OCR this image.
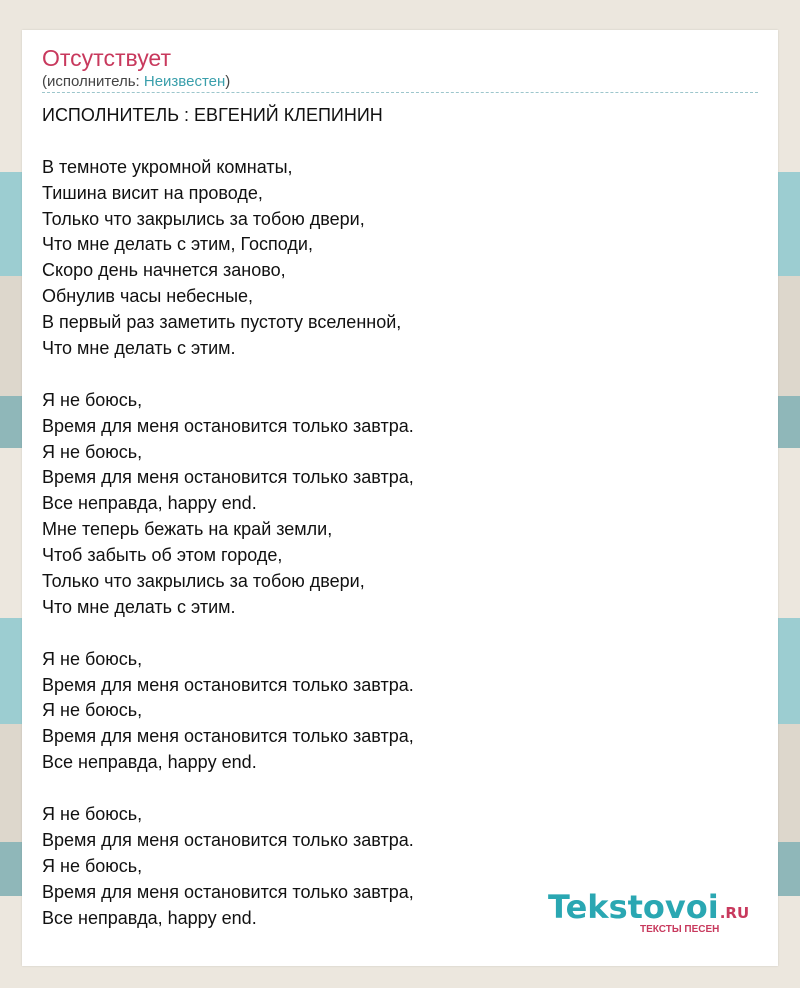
Отсутствует
(исполнитель: Неизвестен)
ИСПОЛНИТЕЛЬ : ЕВГЕНИЙ КЛЕПИНИН
В темноте укромной комнаты,
Тишина висит на проводе,
Только что закрылись за тобою двери,
Что мне делать с этим, Господи,
Скоро день начнется заново,
Обнулив часы небесные,
В первый раз заметить пустоту вселенной,
Что мне делать с этим.
Я не боюсь,
Время для меня остановится только завтра.
Я не боюсь,
Время для меня остановится только завтра,
Все неправда, happy end.
Мне теперь бежать на край земли,
Чтоб забыть об этом городе,
Только что закрылись за тобою двери,
Что мне делать с этим.
Я не боюсь,
Время для меня остановится только завтра.
Я не боюсь,
Время для меня остановится только завтра,
Все неправда, happy end.
Я не боюсь,
Время для меня остановится только завтра.
Я не боюсь,
Время для меня остановится только завтра,
Все неправда, happy end.	Tekstovoi.RU
ТЕКСТЫ ПЕСЕН
